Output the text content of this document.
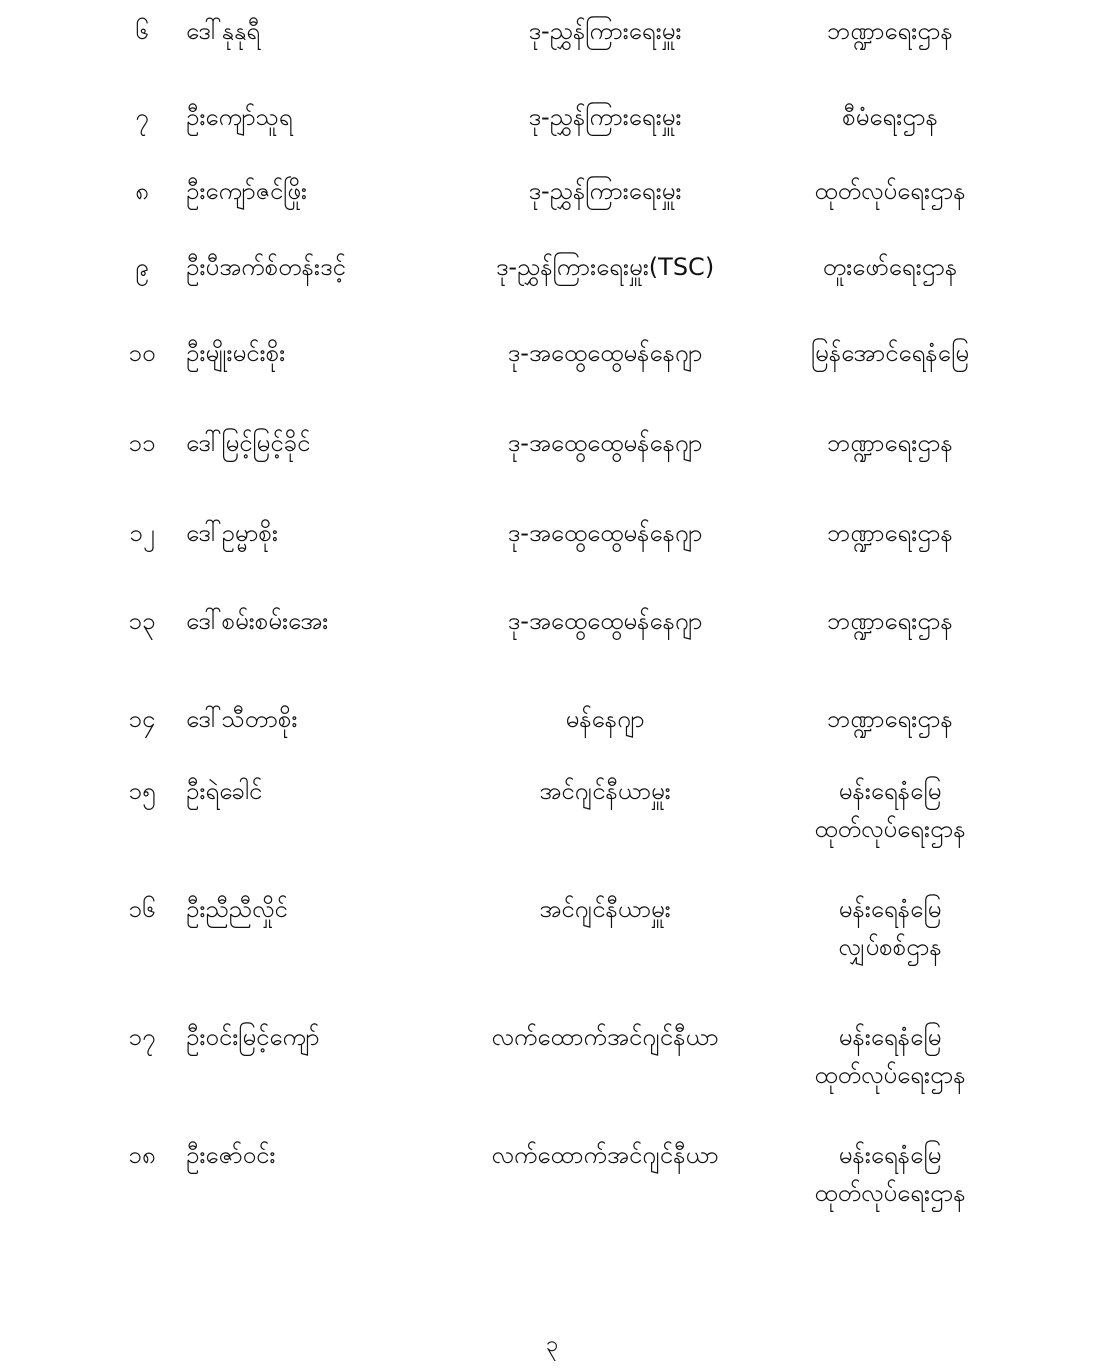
၆	ဒေါ်နုနုရီ	ဒု-ညွှန်ကြားရေးမှူး	ဘဏ္ဍာရေးဌာန
၇	ဦးကျော်သူရ	ဒု-ညွှန်ကြားရေးမှူး	စီမံရေးဌာန
၈	ဦးကျော်ဇင်ဖြိုး	ဒု-ညွှန်ကြားရေးမှူး	ထုတ်လုပ်ရေးဌာန
၉	ဦးပီအက်စ်တန်းဒင့်	ဒု-ညွှန်ကြားရေးမှူး(TSC)	တူးဖော်ရေးဌာန
၁၀	ဦးမျိုးမင်းစိုး	ဒု-အထွေထွေမန်နေဂျာ	မြန်အောင်ရေနံမြေ
၁၁	ဒေါ်မြင့်မြင့်ခိုင်	ဒု-အထွေထွေမန်နေဂျာ	ဘဏ္ဍာရေးဌာန
၁၂	ဒေါ်ဥမ္မာစိုး	ဒု-အထွေထွေမန်နေဂျာ	ဘဏ္ဍာရေးဌာန
၁၃	ဒေါ်စမ်းစမ်းအေး	ဒု-အထွေထွေမန်နေဂျာ	ဘဏ္ဍာရေးဌာန
၁၄	ဒေါ်သီတာစိုး	မန်နေဂျာ	ဘဏ္ဍာရေးဌာန
၁၅	ဦးရဲခေါင်	အင်ဂျင်နီယာမှူး	မန်းရေနံမြေ
ထုတ်လုပ်ရေးဌာန
၁၆	ဦးညီညီလှိုင်	အင်ဂျင်နီယာမှူး	မန်းရေနံမြေ
လျှပ်စစ်ဌာန
၁၇	ဦးဝင်းမြင့်ကျော်	လက်ထောက်အင်ဂျင်နီယာ	မန်းရေနံမြေ
ထုတ်လုပ်ရေးဌာန
၁၈	ဦးဇော်ဝင်း	လက်ထောက်အင်ဂျင်နီယာ	မန်းရေနံမြေ
ထုတ်လုပ်ရေးဌာန
၃
